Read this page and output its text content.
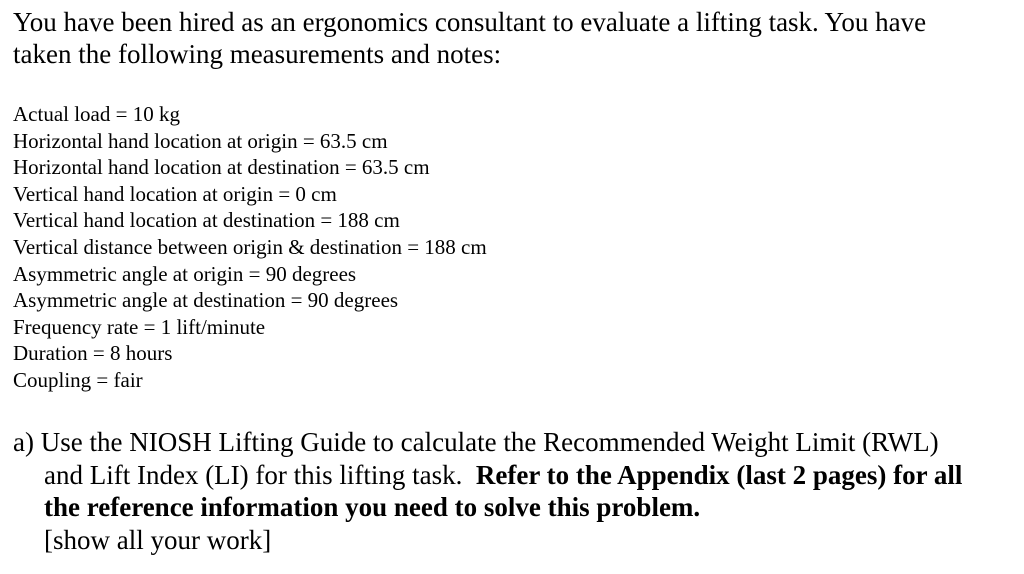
You have been hired as an ergonomics consultant to evaluate a lifting task. You have
taken the following measurements and notes:
Actual load = 10 kg
Horizontal hand location at origin = 63.5 cm
Horizontal hand location at destination = 63.5 cm
Vertical hand location at origin = 0 cm
Vertical hand location at destination = 188 cm
Vertical distance between origin & destination = 188 cm
Asymmetric angle at origin = 90 degrees
Asymmetric angle at destination = 90 degrees
Frequency rate = 1 lift/minute
Duration = 8 hours
Coupling = fair
a) Use the NIOSH Lifting Guide to calculate the Recommended Weight Limit (RWL)
and Lift Index (LI) for this lifting task.  Refer to the Appendix (last 2 pages) for all
the reference information you need to solve this problem.
[show all your work]
